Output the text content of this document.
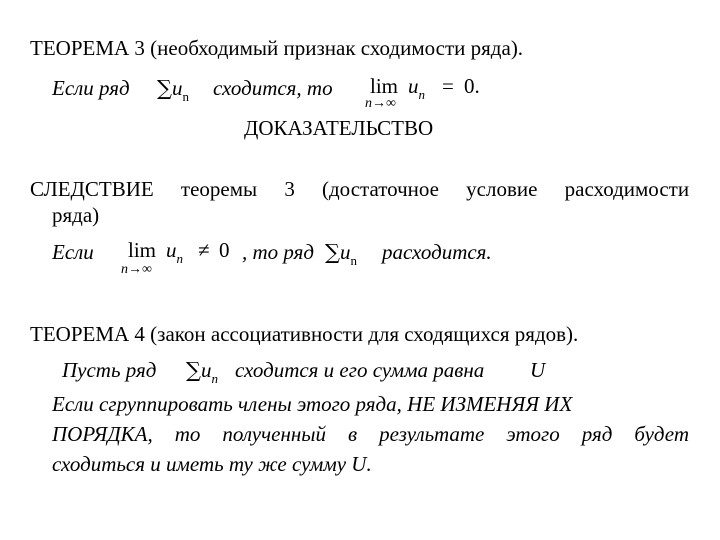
ТЕОРЕМА 3 (необходимый признак сходимости ряда).
Если ряд $\sum u_n$ сходится, то lim
n→∞
$u_n = 0$.
ДОКАЗАТЕЛЬСТВО
СЛЕДСТВИЕ теоремы 3 (достаточное условие расходимости
ряда)
Если lim
n→∞
$u_n \ne 0$ , то ряд $\sum u_n$ расходится.
ТЕОРЕМА 4 (закон ассоциативности для сходящихся рядов).
Пусть ряд $\sum u_n$ сходится и его сумма равна U
Если сгруппировать члены этого ряда, НЕ ИЗМЕНЯЯ ИХ
ПОРЯДКА, то полученный в результате этого ряд будет
сходиться и иметь ту же сумму U.
